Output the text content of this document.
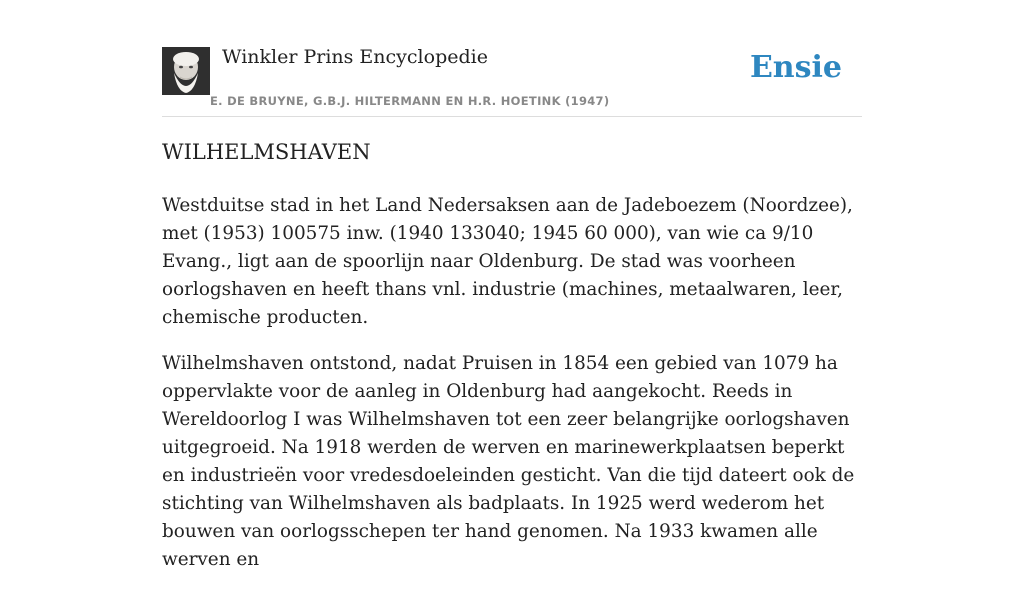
Winkler Prins Encyclopedie
E. DE BRUYNE, G.B.J. HILTERMANN EN H.R. HOETINK (1947)
Ensie
WILHELMSHAVEN

Westduitse stad in het Land Nedersaksen aan de Jadeboezem (Noordzee), met (1953) 100575 inw. (1940 133040; 1945 60 000), van wie ca 9/10 Evang., ligt aan de spoorlijn naar Oldenburg. De stad was voorheen oorlogshaven en heeft thans vnl. industrie (machines, metaalwaren, leer, chemische producten.

Wilhelmshaven ontstond, nadat Pruisen in 1854 een gebied van 1079 ha oppervlakte voor de aanleg in Oldenburg had aangekocht. Reeds in Wereldoorlog I was Wilhelmshaven tot een zeer belangrijke oorlogshaven uitgegroeid. Na 1918 werden de werven en marinewerkplaatsen beperkt en industrieën voor vredesdoeleinden gesticht. Van die tijd dateert ook de stichting van Wilhelmshaven als badplaats. In 1925 werd wederom het bouwen van oorlogsschepen ter hand genomen. Na 1933 kwamen alle werven en
